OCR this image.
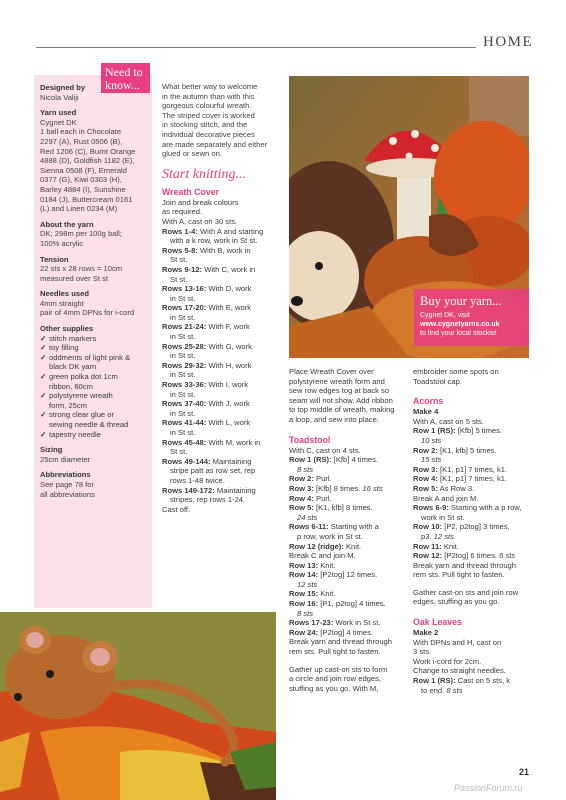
HOME
Designed by
Nicola Valiji
Yarn used
Cygnet DK
1 ball each in Chocolate
2297 (A), Rust 0506 (B),
Red 1206 (C), Burnt Orange
4888 (D), Goldfish 1182 (E),
Sienna 0508 (F), Emerald
0377 (G), Kiwi 0303 (H),
Barley 4884 (I), Sunshine
0184 (J), Buttercream 0161
(L) and Linen 0234 (M)
About the yarn
DK; 298m per 100g ball;
100% acrylic
Tension
22 sts x 28 rows = 10cm
measured over St st
Needles used
4mm straight
pair of 4mm DPNs for i-cord
Other supplies
✓ stitch markers
✓ toy filling
✓ oddments of light pink &
black DK yarn
✓ green polka dot 1cm
ribbon, 60cm
✓ polystyrene wreath
form, 25cm
✓ strong clear glue or
sewing needle & thread
✓ tapestry needle
Sizing
25cm diameter
Abbreviations
See page 78 for
all abbreviations
Need to
know...	What better way to welcome
in the autumn than with this
gorgeous colourful wreath.
The striped cover is worked
in stocking stitch, and the
individual decorative pieces
are made separately and either
glued or sewn on.
Start knitting...
Wreath Cover

Join and break colours

as required.

With A, cast on 30 sts.

Rows 1-4: With A and starting

with a k row, work in St st.

Rows 5-8: With B, work in

St st.

Rows 9-12: With C, work in

St st.

Rows 13-16: With D, work

in St st.

Rows 17-20: With E, work

in St st.

Rows 21-24: With F, work

in St st.

Rows 25-28: With G, work

in St st.

Rows 29-32: With H, work

in St st.

Rows 33-36: With I, work

in St st.

Rows 37-40: With J, work

in St st.

Rows 41-44: With L, work

in St st.

Rows 45-48: With M, work in

St st.

Rows 49-144: Maintaining

stripe patt as row set, rep

rows 1-48 twice.

Rows 149-172: Maintaining

stripes, rep rows 1-24.

Cast off.

Buy your yarn...
Cygnet DK, visit
www.cygnetyarns.co.uk
to find your local stockist

Place Wreath Cover over

polystyrene wreath form and

sew row edges tog at back so

seam will not show. Add ribbon

to top middle of wreath, making

a loop, and sew into place.

Toadstool

With C, cast on 4 sts.

Row 1 (RS): [Kfb] 4 times.

8 sts

Row 2: Purl.

Row 3: [Kfb] 8 times. 16 sts

Row 4: Purl.

Row 5: [K1, kfb] 8 times.

24 sts

Rows 6-11: Starting with a

p row, work in St st.

Row 12 (ridge): Knit.

Break C and join M.

Row 13: Knit.

Row 14: [P2tog] 12 times.

12 sts

Row 15: Knit.

Row 16: [P1, p2tog] 4 times.

8 sts

Rows 17-23: Work in St st.

Row 24: [P2tog] 4 times.

Break yarn and thread through

rem sts. Pull tight to fasten.

Gather up cast-on sts to form

a circle and join row edges,

stuffing as you go. With M,

embroider some spots on

Toadstool cap.

Acorns

Make 4

With A, cast on 5 sts.

Row 1 (RS): [Kfb] 5 times.

10 sts

Row 2: [K1, kfb] 5 times.

15 sts

Row 3: [K1, p1] 7 times, k1.

Row 4: [K1, p1] 7 times, k1.

Row 5: As Row 3.

Break A and join M.

Rows 6-9: Starting with a p row,

work in St st.

Row 10: [P2, p2tog] 3 times,

p3. 12 sts

Row 11: Knit.

Row 12: [P2tog] 6 times. 6 sts

Break yarn and thread through

rem sts. Pull tight to fasten.

Gather cast-on sts and join row

edges, stuffing as you go.

Oak Leaves

Make 2

With DPNs and H, cast on

3 sts.

Work i-cord for 2cm.

Change to straight needles.

Row 1 (RS): Cast on 5 sts, k

to end. 8 sts

21
PassionForum.ru
